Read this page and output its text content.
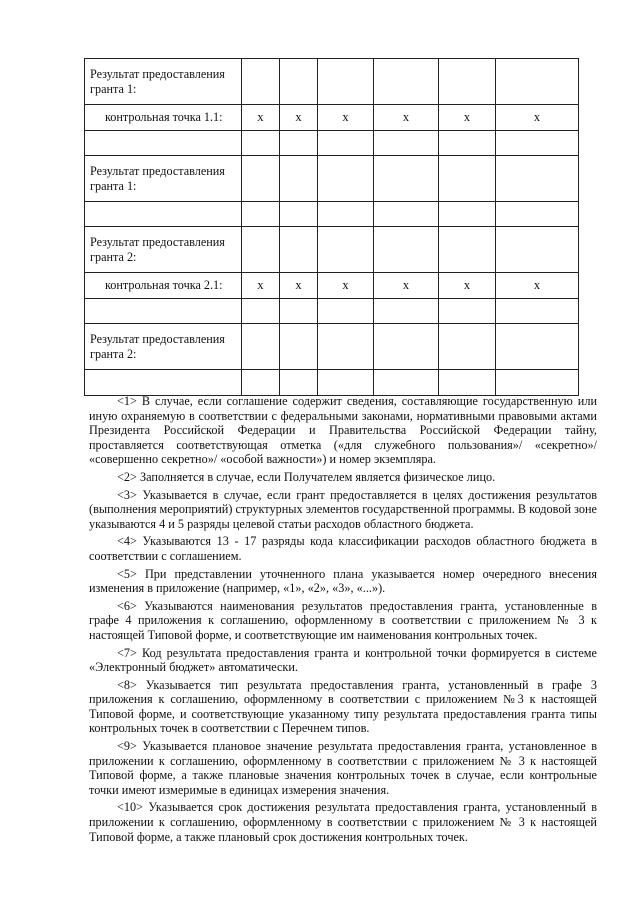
Результат предоставления гранта 1:						
контрольная точка 1.1:	x	x	x	x	x	x

Результат предоставления гранта 1:						

Результат предоставления гранта 2:						
контрольная точка 2.1:	x	x	x	x	x	x

Результат предоставления гранта 2:						

<1> В случае, если соглашение содержит сведения, составляющие государственную или иную охраняемую в соответствии с федеральными законами, нормативными правовыми актами Президента Российской Федерации и Правительства Российской Федерации тайну, проставляется соответствующая отметка («для служебного пользования»/ «секретно»/ «совершенно секретно»/ «особой важности») и номер экземпляра.

<2> Заполняется в случае, если Получателем является физическое лицо.

<3> Указывается в случае, если грант предоставляется в целях достижения результатов (выполнения мероприятий) структурных элементов государственной программы. В кодовой зоне указываются 4 и 5 разряды целевой статьи расходов областного бюджета.

<4> Указываются 13 - 17 разряды кода классификации расходов областного бюджета в соответствии с соглашением.

<5> При представлении уточненного плана указывается номер очередного внесения изменения в приложение (например, «1», «2», «3», «...»).

<6> Указываются наименования результатов предоставления гранта, установленные в графе 4 приложения к соглашению, оформленному в соответствии с приложением № 3 к настоящей Типовой форме, и соответствующие им наименования контрольных точек.

<7> Код результата предоставления гранта и контрольной точки формируется в системе «Электронный бюджет» автоматически.

<8> Указывается тип результата предоставления гранта, установленный в графе 3 приложения к соглашению, оформленному в соответствии с приложением №3 к настоящей Типовой форме, и соответствующие указанному типу результата предоставления гранта типы контрольных точек в соответствии с Перечнем типов.

<9> Указывается плановое значение результата предоставления гранта, установленное в приложении к соглашению, оформленному в соответствии с приложением № 3 к настоящей Типовой форме, а также плановые значения контрольных точек в случае, если контрольные точки имеют измеримые в единицах измерения значения.

<10> Указывается срок достижения результата предоставления гранта, установленный в приложении к соглашению, оформленному в соответствии с приложением № 3 к настоящей Типовой форме, а также плановый срок достижения контрольных точек.
